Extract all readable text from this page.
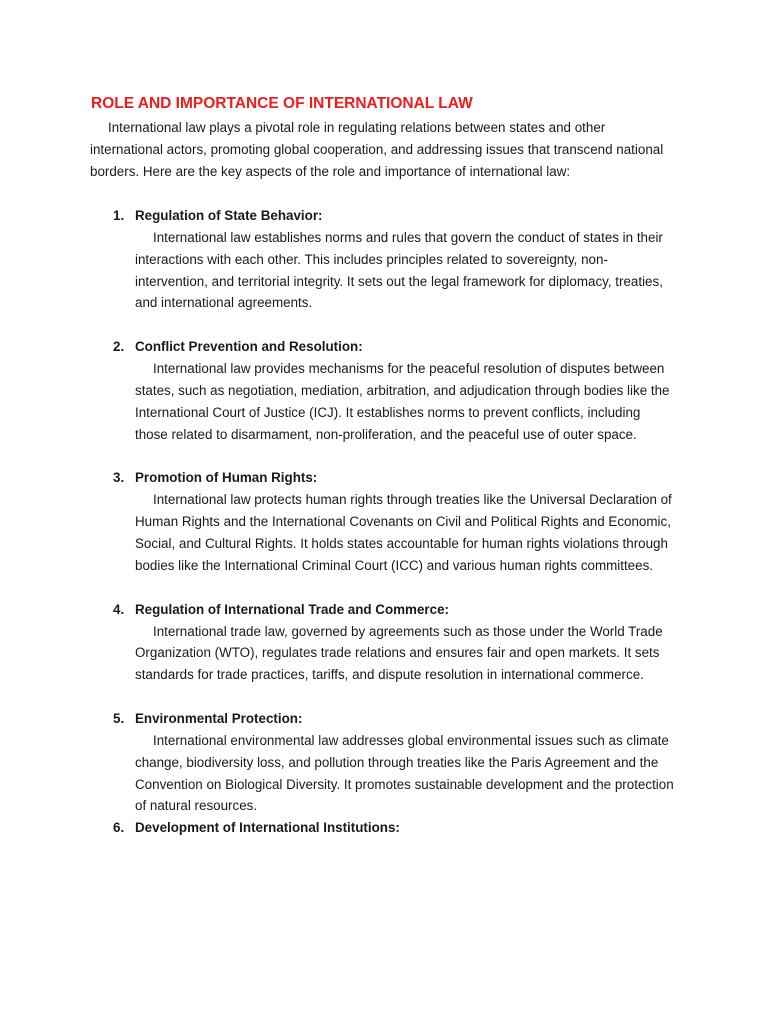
ROLE AND IMPORTANCE OF INTERNATIONAL LAW

International law plays a pivotal role in regulating relations between states and other international actors, promoting global cooperation, and addressing issues that transcend national borders. Here are the key aspects of the role and importance of international law:

1. Regulation of State Behavior:

International law establishes norms and rules that govern the conduct of states in their interactions with each other. This includes principles related to sovereignty, non-intervention, and territorial integrity. It sets out the legal framework for diplomacy, treaties, and international agreements.

2. Conflict Prevention and Resolution:

International law provides mechanisms for the peaceful resolution of disputes between states, such as negotiation, mediation, arbitration, and adjudication through bodies like the International Court of Justice (ICJ). It establishes norms to prevent conflicts, including those related to disarmament, non-proliferation, and the peaceful use of outer space.

3. Promotion of Human Rights:

International law protects human rights through treaties like the Universal Declaration of Human Rights and the International Covenants on Civil and Political Rights and Economic, Social, and Cultural Rights. It holds states accountable for human rights violations through bodies like the International Criminal Court (ICC) and various human rights committees.

4. Regulation of International Trade and Commerce:

International trade law, governed by agreements such as those under the World Trade Organization (WTO), regulates trade relations and ensures fair and open markets. It sets standards for trade practices, tariffs, and dispute resolution in international commerce.

5. Environmental Protection:

International environmental law addresses global environmental issues such as climate change, biodiversity loss, and pollution through treaties like the Paris Agreement and the Convention on Biological Diversity. It promotes sustainable development and the protection of natural resources.

6. Development of International Institutions:
